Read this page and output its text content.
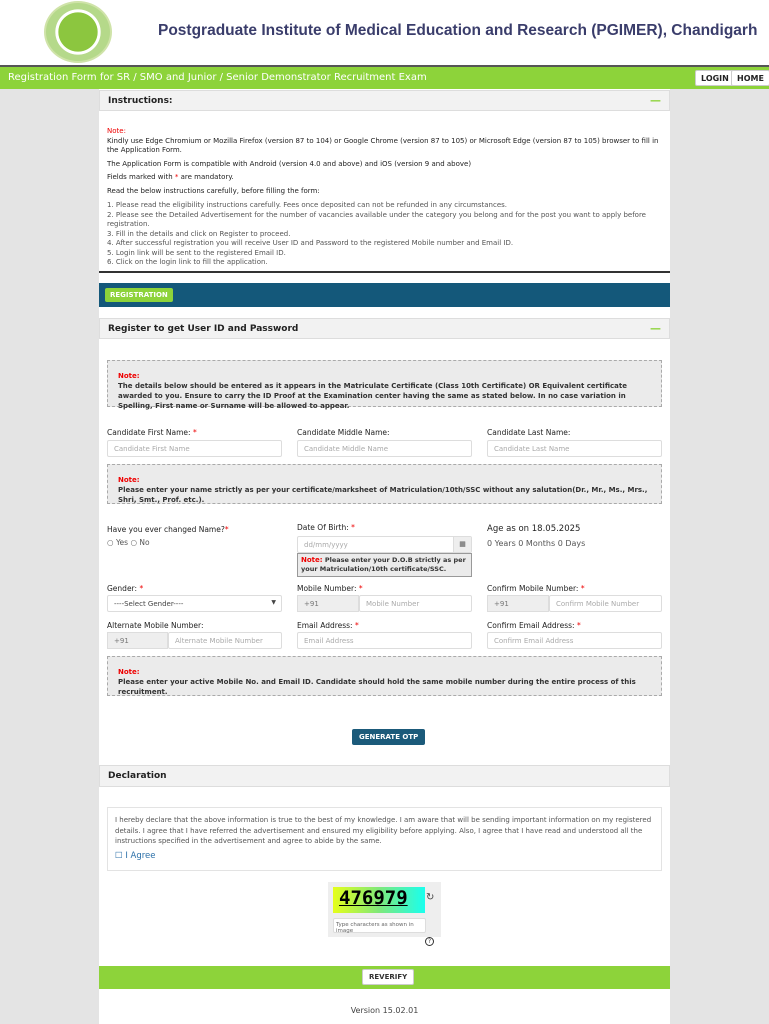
Postgraduate Institute of Medical Education and Research (PGIMER), Chandigarh
Registration Form for SR / SMO and Junior / Senior Demonstrator Recruitment Exam	LOGIN	HOME
Instructions:	—
Note:
Kindly use Edge Chromium or Mozilla Firefox (version 87 to 104) or Google Chrome (version 87 to 105) or Microsoft Edge (version 87 to 105) browser to fill in the Application Form.
The Application Form is compatible with Android (version 4.0 and above) and iOS (version 9 and above)
Fields marked with * are mandatory.
Read the below instructions carefully, before filling the form:
1. Please read the eligibility instructions carefully. Fees once deposited can not be refunded in any circumstances.
2. Please see the Detailed Advertisement for the number of vacancies available under the category you belong and for the post you want to apply before registration.
3. Fill in the details and click on Register to proceed.
4. After successful registration you will receive User ID and Password to the registered Mobile number and Email ID.
5. Login link will be sent to the registered Email ID.
6. Click on the login link to fill the application.
REGISTRATION
Register to get User ID and Password	—
Note:
The details below should be entered as it appears in the Matriculate Certificate (Class 10th Certificate) OR Equivalent certificate awarded to you. Ensure to carry the ID Proof at the Examination center having the same as stated below. In no case variation in Spelling, First name or Surname will be allowed to appear.
Candidate First Name: *
Candidate First Name
Candidate Middle Name:
Candidate Middle Name
Candidate Last Name:
Candidate Last Name
Note:
Please enter your name strictly as per your certificate/marksheet of Matriculation/10th/SSC without any salutation(Dr., Mr., Ms., Mrs., Shri, Smt., Prof. etc.).
Have you ever changed Name?*
○ Yes ○ No
Date Of Birth: *
dd/mm/yyyy	▦
Note: Please enter your D.O.B strictly as per your Matriculation/10th certificate/SSC.
Age as on 18.05.2025
0 Years 0 Months 0 Days
Gender: *
----Select Gender----	▼
Mobile Number: *
+91	Mobile Number
Confirm Mobile Number: *
+91	Confirm Mobile Number
Alternate Mobile Number:
+91	Alternate Mobile Number
Email Address: *
Email Address
Confirm Email Address: *
Confirm Email Address
Note:
Please enter your active Mobile No. and Email ID. Candidate should hold the same mobile number during the entire process of this recruitment.
GENERATE OTP
Declaration
I hereby declare that the above information is true to the best of my knowledge. I am aware that will be sending important information on my registered details. I agree that I have referred the advertisement and ensured my eligibility before applying. Also, I agree that I have read and understood all the instructions specified in the advertisement and agree to abide by the same.
☐ I Agree
476979	↻
Type characters as shown in image
?
REVERIFY
Version 15.02.01
